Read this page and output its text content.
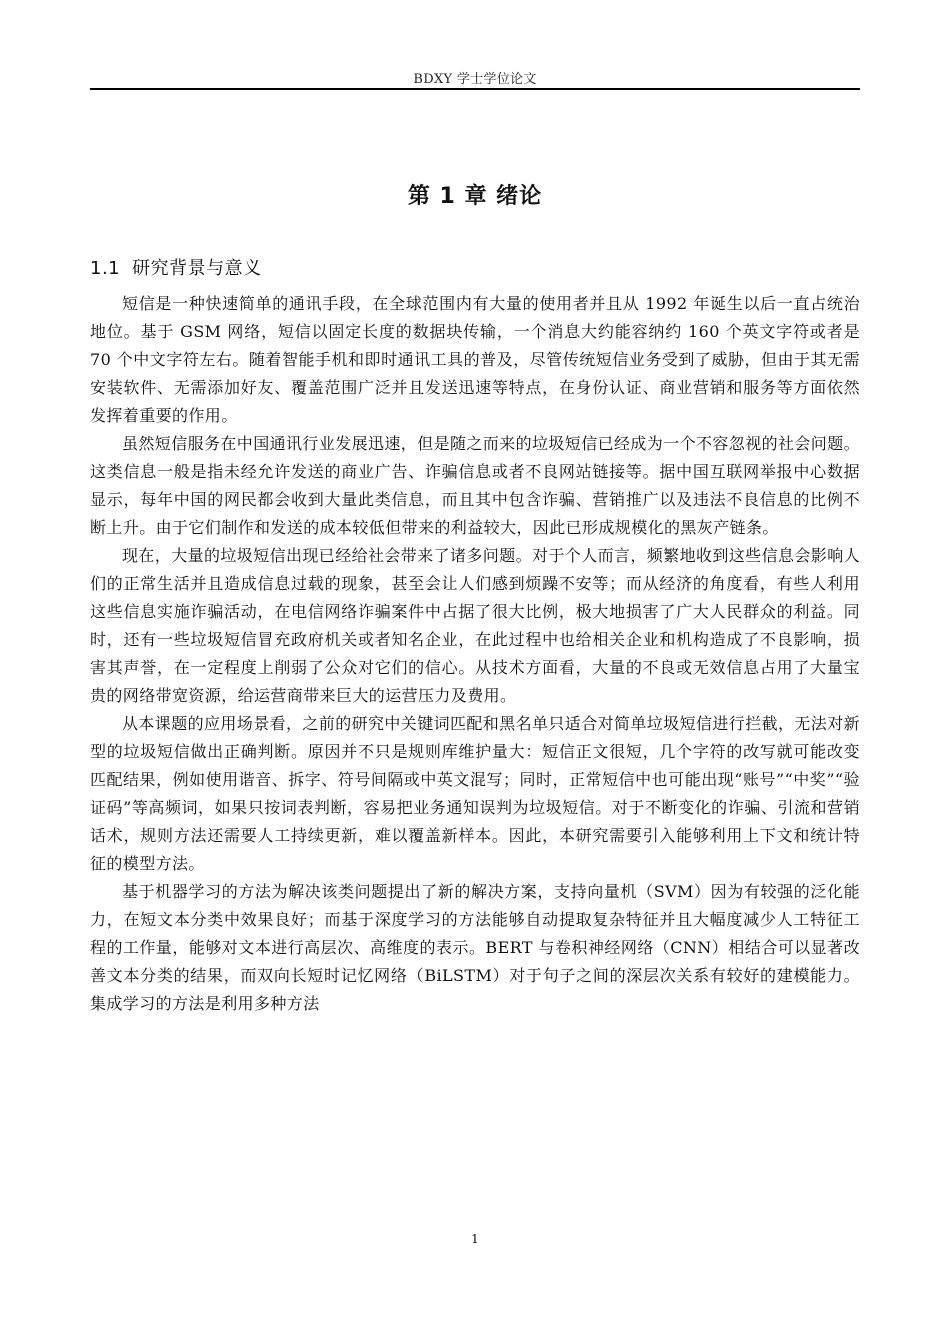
BDXY 学士学位论文
第 1 章 绪论
1.1 研究背景与意义

短信是一种快速简单的通讯手段，在全球范围内有大量的使用者并且从 1992 年诞生以后一直占统治地位。基于 GSM 网络，短信以固定长度的数据块传输，一个消息大约能容纳约 160 个英文字符或者是 70 个中文字符左右。随着智能手机和即时通讯工具的普及，尽管传统短信业务受到了威胁，但由于其无需安装软件、无需添加好友、覆盖范围广泛并且发送迅速等特点，在身份认证、商业营销和服务等方面依然发挥着重要的作用。

虽然短信服务在中国通讯行业发展迅速，但是随之而来的垃圾短信已经成为一个不容忽视的社会问题。这类信息一般是指未经允许发送的商业广告、诈骗信息或者不良网站链接等。据中国互联网举报中心数据显示，每年中国的网民都会收到大量此类信息，而且其中包含诈骗、营销推广以及违法不良信息的比例不断上升。由于它们制作和发送的成本较低但带来的利益较大，因此已形成规模化的黑灰产链条。

现在，大量的垃圾短信出现已经给社会带来了诸多问题。对于个人而言，频繁地收到这些信息会影响人们的正常生活并且造成信息过载的现象，甚至会让人们感到烦躁不安等；而从经济的角度看，有些人利用这些信息实施诈骗活动，在电信网络诈骗案件中占据了很大比例，极大地损害了广大人民群众的利益。同时，还有一些垃圾短信冒充政府机关或者知名企业，在此过程中也给相关企业和机构造成了不良影响，损害其声誉，在一定程度上削弱了公众对它们的信心。从技术方面看，大量的不良或无效信息占用了大量宝贵的网络带宽资源，给运营商带来巨大的运营压力及费用。

从本课题的应用场景看，之前的研究中关键词匹配和黑名单只适合对简单垃圾短信进行拦截，无法对新型的垃圾短信做出正确判断。原因并不只是规则库维护量大：短信正文很短，几个字符的改写就可能改变匹配结果，例如使用谐音、拆字、符号间隔或中英文混写；同时，正常短信中也可能出现“账号”“中奖”“验证码”等高频词，如果只按词表判断，容易把业务通知误判为垃圾短信。对于不断变化的诈骗、引流和营销话术，规则方法还需要人工持续更新，难以覆盖新样本。因此，本研究需要引入能够利用上下文和统计特征的模型方法。

基于机器学习的方法为解决该类问题提出了新的解决方案，支持向量机（SVM）因为有较强的泛化能力，在短文本分类中效果良好；而基于深度学习的方法能够自动提取复杂特征并且大幅度减少人工特征工程的工作量，能够对文本进行高层次、高维度的表示。BERT 与卷积神经网络（CNN）相结合可以显著改善文本分类的结果，而双向长短时记忆网络（BiLSTM）对于句子之间的深层次关系有较好的建模能力。集成学习的方法是利用多种方法

1
